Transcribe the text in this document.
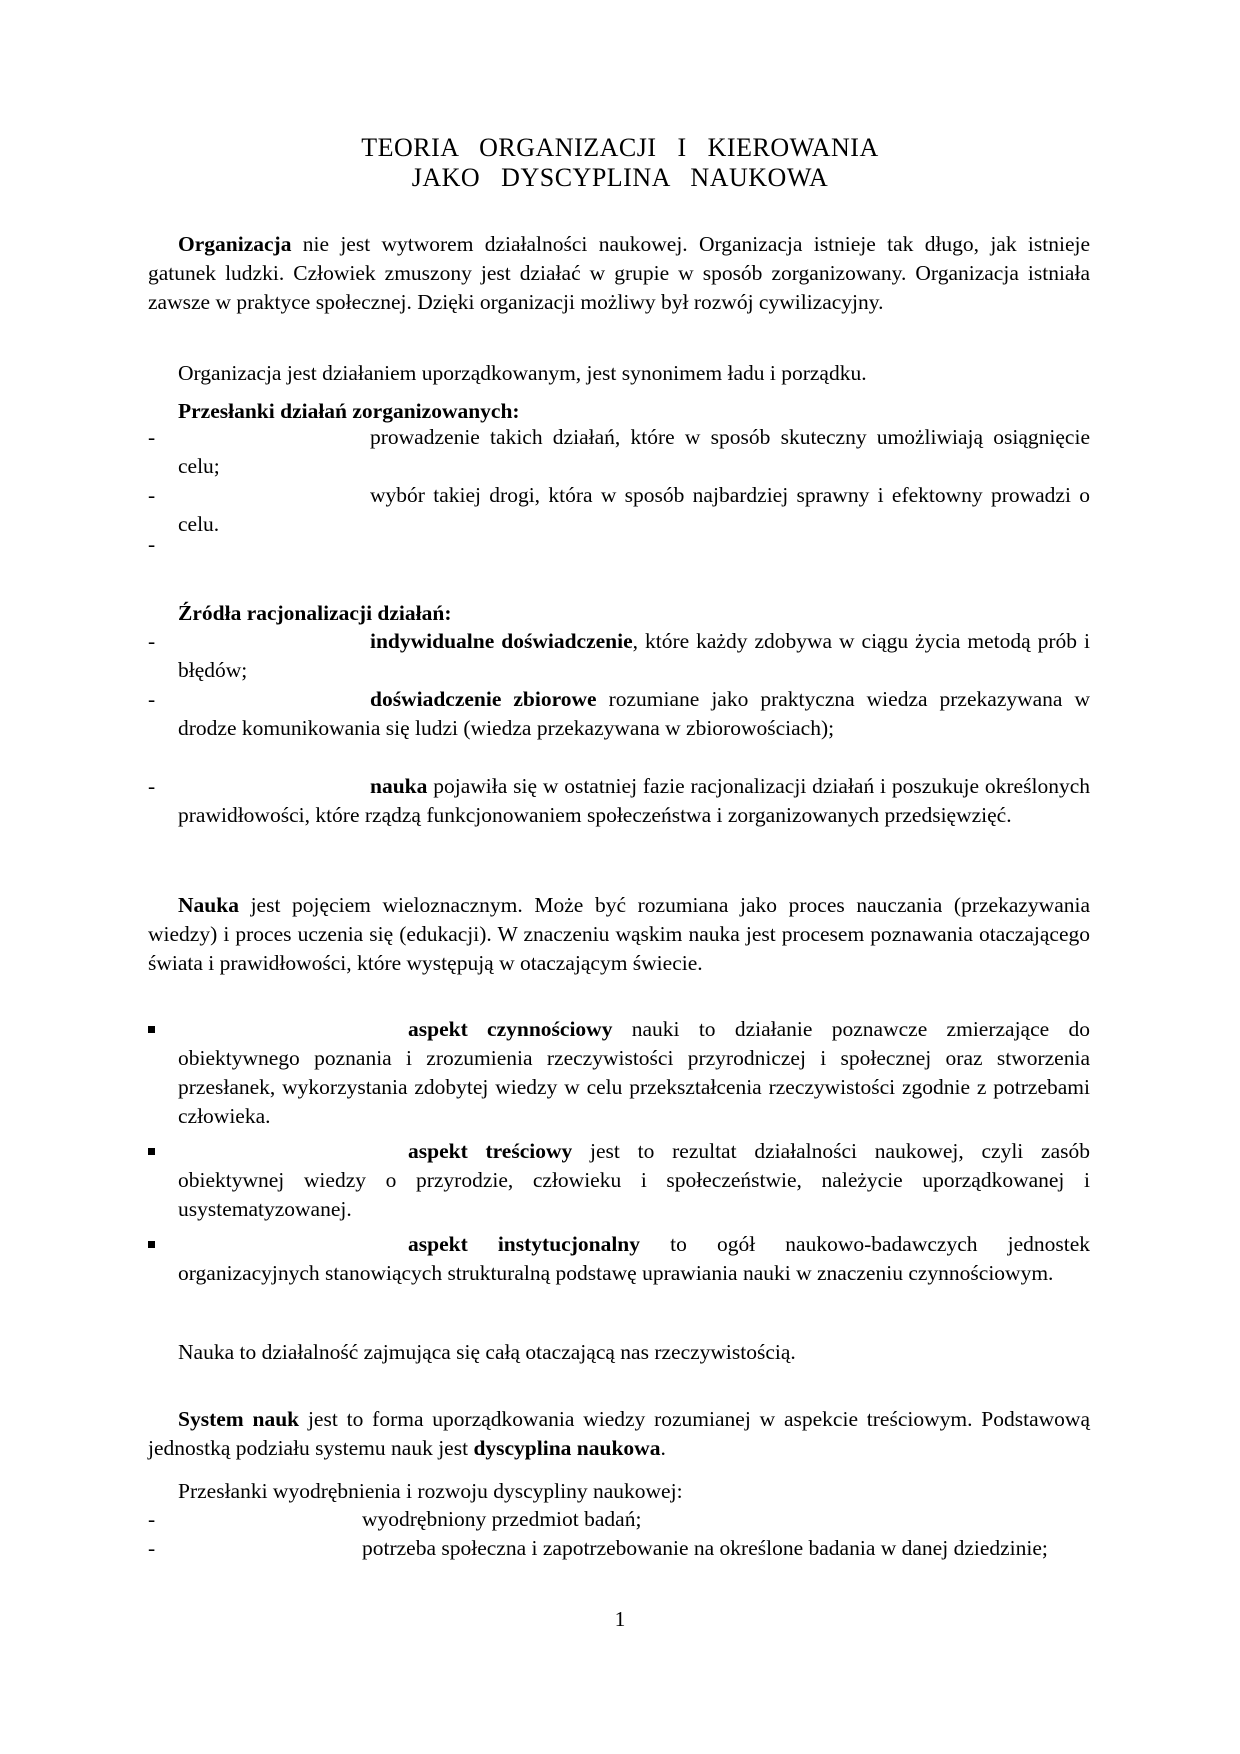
TEORIA ORGANIZACJI I KIEROWANIA
JAKO DYSCYPLINA NAUKOWA
Organizacja nie jest wytworem działalności naukowej. Organizacja istnieje tak długo, jak istnieje gatunek ludzki. Człowiek zmuszony jest działać w grupie w sposób zorganizowany. Organizacja istniała zawsze w praktyce społecznej. Dzięki organizacji możliwy był rozwój cywilizacyjny.
Organizacja jest działaniem uporządkowanym, jest synonimem ładu i porządku.
Przesłanki działań zorganizowanych:
-	prowadzenie takich działań, które w sposób skuteczny umożliwiają osiągnięcie celu;
-
-	wybór takiej drogi, która w sposób najbardziej sprawny i efektowny prowadzi o celu.
Źródła racjonalizacji działań:
-	indywidualne doświadczenie, które każdy zdobywa w ciągu życia metodą prób i błędów;
-	doświadczenie zbiorowe rozumiane jako praktyczna wiedza przekazywana w drodze komunikowania się ludzi (wiedza przekazywana w zbiorowościach);
-	nauka pojawiła się w ostatniej fazie racjonalizacji działań i poszukuje określonych prawidłowości, które rządzą funkcjonowaniem społeczeństwa i zorganizowanych przedsięwzięć.
Nauka jest pojęciem wieloznacznym. Może być rozumiana jako proces nauczania (przekazywania wiedzy) i proces uczenia się (edukacji). W znaczeniu wąskim nauka jest procesem poznawania otaczającego świata i prawidłowości, które występują w otaczającym świecie.
aspekt czynnościowy nauki to działanie poznawcze zmierzające do obiektywnego poznania i zrozumienia rzeczywistości przyrodniczej i społecznej oraz stworzenia przesłanek, wykorzystania zdobytej wiedzy w celu przekształcenia rzeczywistości zgodnie z potrzebami człowieka.
aspekt treściowy jest to rezultat działalności naukowej, czyli zasób obiektywnej wiedzy o przyrodzie, człowieku i społeczeństwie, należycie uporządkowanej i usystematyzowanej.
aspekt instytucjonalny to ogół naukowo-badawczych jednostek organizacyjnych stanowiących strukturalną podstawę uprawiania nauki w znaczeniu czynnościowym.
Nauka to działalność zajmująca się całą otaczającą nas rzeczywistością.
System nauk jest to forma uporządkowania wiedzy rozumianej w aspekcie treściowym. Podstawową jednostką podziału systemu nauk jest dyscyplina naukowa.
Przesłanki wyodrębnienia i rozwoju dyscypliny naukowej:
-	wyodrębniony przedmiot badań;
-	potrzeba społeczna i zapotrzebowanie na określone badania w danej dziedzinie;
1
